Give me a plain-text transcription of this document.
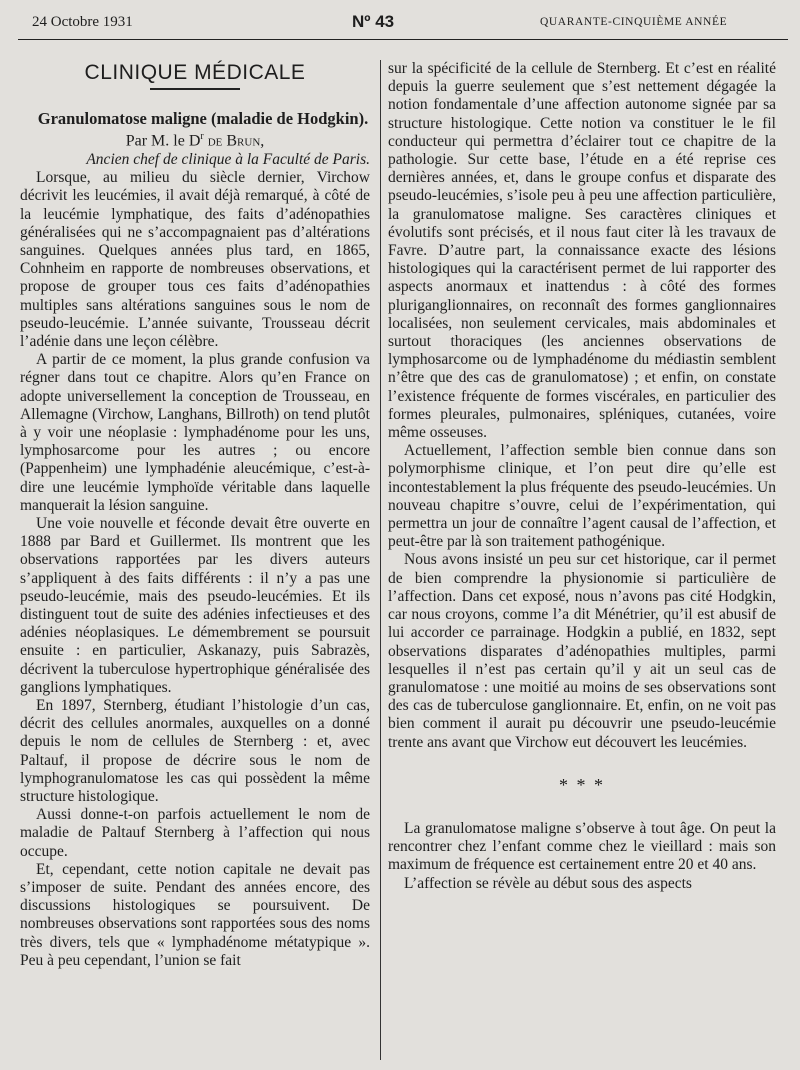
24 Octobre 1931	Nº 43	QUARANTE-CINQUIÈME ANNÉE
CLINIQUE MÉDICALE

Granulomatose maligne (maladie de Hodgkin).

Par M. le $D^r$ de Brun,

Ancien chef de clinique à la Faculté de Paris.

Lorsque, au milieu du siècle dernier, Virchow décrivit les leucémies, il avait déjà remarqué, à côté de la leucémie lymphatique, des faits d’adénopathies généralisées qui ne s’accompagnaient pas d’altérations sanguines. Quelques années plus tard, en 1865, Cohnheim en rapporte de nombreuses observations, et propose de grouper tous ces faits d’adénopathies multiples sans altérations sanguines sous le nom de pseudo-leucémie. L’année suivante, Trousseau décrit l’adénie dans une leçon célèbre.

A partir de ce moment, la plus grande confusion va régner dans tout ce chapitre. Alors qu’en France on adopte universellement la conception de Trousseau, en Allemagne (Virchow, Langhans, Billroth) on tend plutôt à y voir une néoplasie : lymphadénome pour les uns, lymphosarcome pour les autres ; ou encore (Pappenheim) une lymphadénie aleucémique, c’est-à-dire une leucémie lymphoïde véritable dans laquelle manquerait la lésion sanguine.

Une voie nouvelle et féconde devait être ouverte en 1888 par Bard et Guillermet. Ils montrent que les observations rapportées par les divers auteurs s’appliquent à des faits différents : il n’y a pas une pseudo-leucémie, mais des pseudo-leucémies. Et ils distinguent tout de suite des adénies infectieuses et des adénies néoplasiques. Le démembrement se poursuit ensuite : en particulier, Askanazy, puis Sabrazès, décrivent la tuberculose hypertrophique généralisée des ganglions lymphatiques.

En 1897, Sternberg, étudiant l’histologie d’un cas, décrit des cellules anormales, auxquelles on a donné depuis le nom de cellules de Sternberg : et, avec Paltauf, il propose de décrire sous le nom de lymphogranulomatose les cas qui possèdent la même structure histologique.

Aussi donne-t-on parfois actuellement le nom de maladie de Paltauf Sternberg à l’affection qui nous occupe.

Et, cependant, cette notion capitale ne devait pas s’imposer de suite. Pendant des années encore, des discussions histologiques se poursuivent. De nombreuses observations sont rapportées sous des noms très divers, tels que « lymphadénome métatypique ». Peu à peu cependant, l’union se fait

sur la spécificité de la cellule de Sternberg. Et c’est en réalité depuis la guerre seulement que s’est nettement dégagée la notion fondamentale d’une affection autonome signée par sa structure histologique. Cette notion va constituer le le fil conducteur qui permettra d’éclairer tout ce chapitre de la pathologie. Sur cette base, l’étude en a été reprise ces dernières années, et, dans le groupe confus et disparate des pseudo-leucémies, s’isole peu à peu une affection particulière, la granulomatose maligne. Ses caractères cliniques et évolutifs sont précisés, et il nous faut citer là les travaux de Favre. D’autre part, la connaissance exacte des lésions histologiques qui la caractérisent permet de lui rapporter des aspects anormaux et inattendus : à côté des formes pluriganglionnaires, on reconnaît des formes ganglionnaires localisées, non seulement cervicales, mais abdominales et surtout thoraciques (les anciennes observations de lymphosarcome ou de lymphadénome du médiastin semblent n’être que des cas de granulomatose) ; et enfin, on constate l’existence fréquente de formes viscérales, en particulier des formes pleurales, pulmonaires, spléniques, cutanées, voire même osseuses.

Actuellement, l’affection semble bien connue dans son polymorphisme clinique, et l’on peut dire qu’elle est incontestablement la plus fréquente des pseudo-leucémies. Un nouveau chapitre s’ouvre, celui de l’expérimentation, qui permettra un jour de connaître l’agent causal de l’affection, et peut-être par là son traitement pathogénique.

Nous avons insisté un peu sur cet historique, car il permet de bien comprendre la physionomie si particulière de l’affection. Dans cet exposé, nous n’avons pas cité Hodgkin, car nous croyons, comme l’a dit Ménétrier, qu’il est abusif de lui accorder ce parrainage. Hodgkin a publié, en 1832, sept observations disparates d’adénopathies multiples, parmi lesquelles il n’est pas certain qu’il y ait un seul cas de granulomatose : une moitié au moins de ses observations sont des cas de tuberculose ganglionnaire. Et, enfin, on ne voit pas bien comment il aurait pu découvrir une pseudo-leucémie trente ans avant que Virchow eut découvert les leucémies.

* * *

La granulomatose maligne s’observe à tout âge. On peut la rencontrer chez l’enfant comme chez le vieillard : mais son maximum de fréquence est certainement entre 20 et 40 ans.

L’affection se révèle au début sous des aspects
